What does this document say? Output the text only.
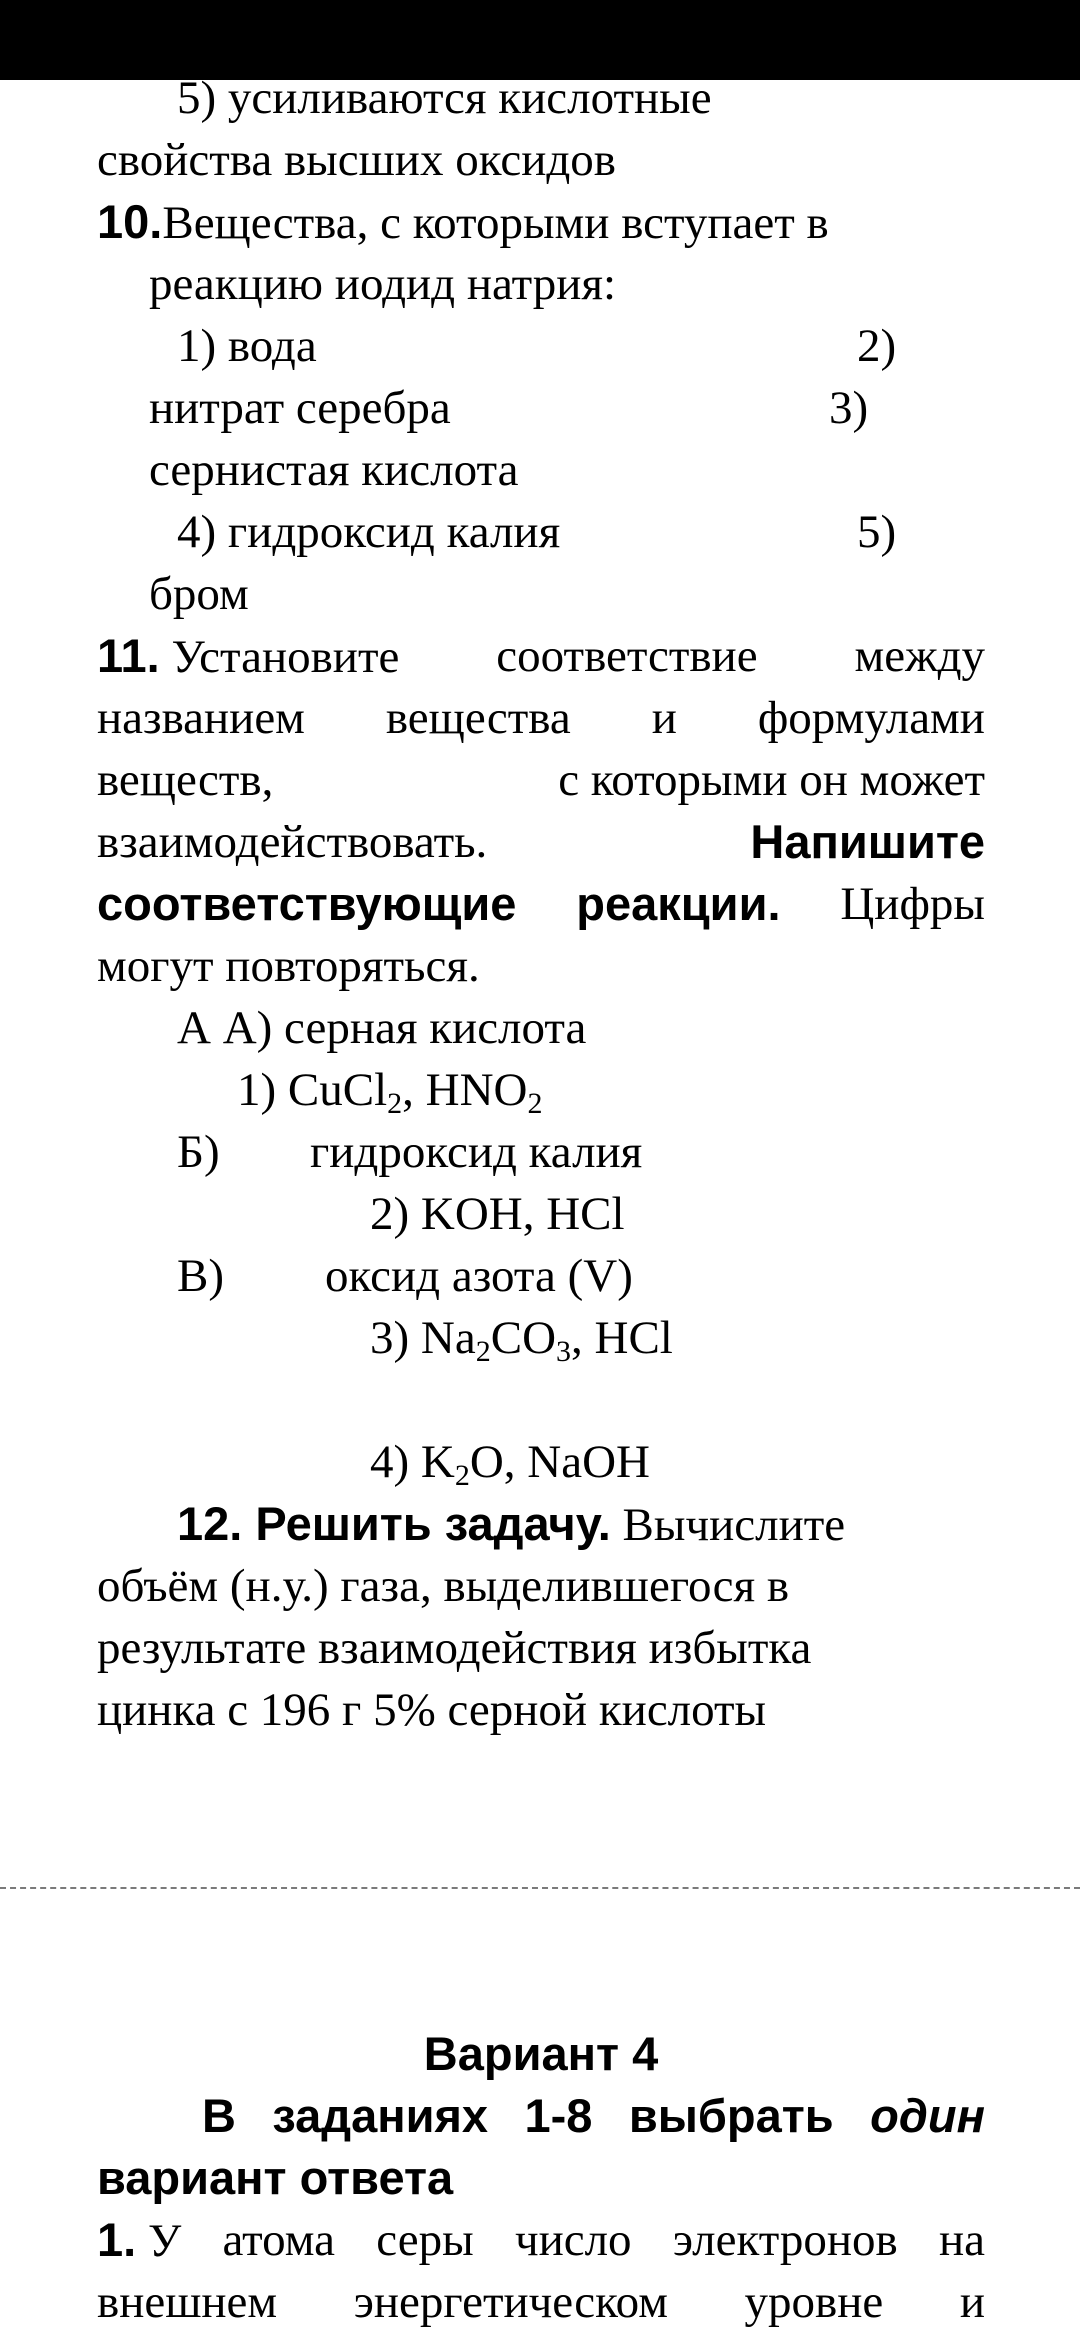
5) усиливаются кислотные
свойства высших оксидов
10.Вещества, с которыми вступает в
реакцию иодид натрия:
1) вода	2)
нитрат серебра	3)
сернистая кислота
4) гидроксид калия	5)
бром
11. Установите соответствие между
названием вещества и формулами
веществ,	с которыми он может
взаимодействовать.	Напишите
соответствующие реакции. Цифры
могут повторяться.
А А) серная кислота
1) CuCl$_2$, $HNO_2$
Б) гидроксид калия
2) KOH, HCl
В) оксид азота (V)
3) $Na_2CO_3$, HCl
4) $K_2O$, NaOH
12. Решить задачу. Вычислите
объём (н.у.) газа, выделившегося в
результате взаимодействия избытка
цинка с 196 г 5% серной кислоты
Вариант 4
В заданиях 1-8 выбрать один
вариант ответа
1. У атома серы число электронов на
внешнем энергетическом уровне и
